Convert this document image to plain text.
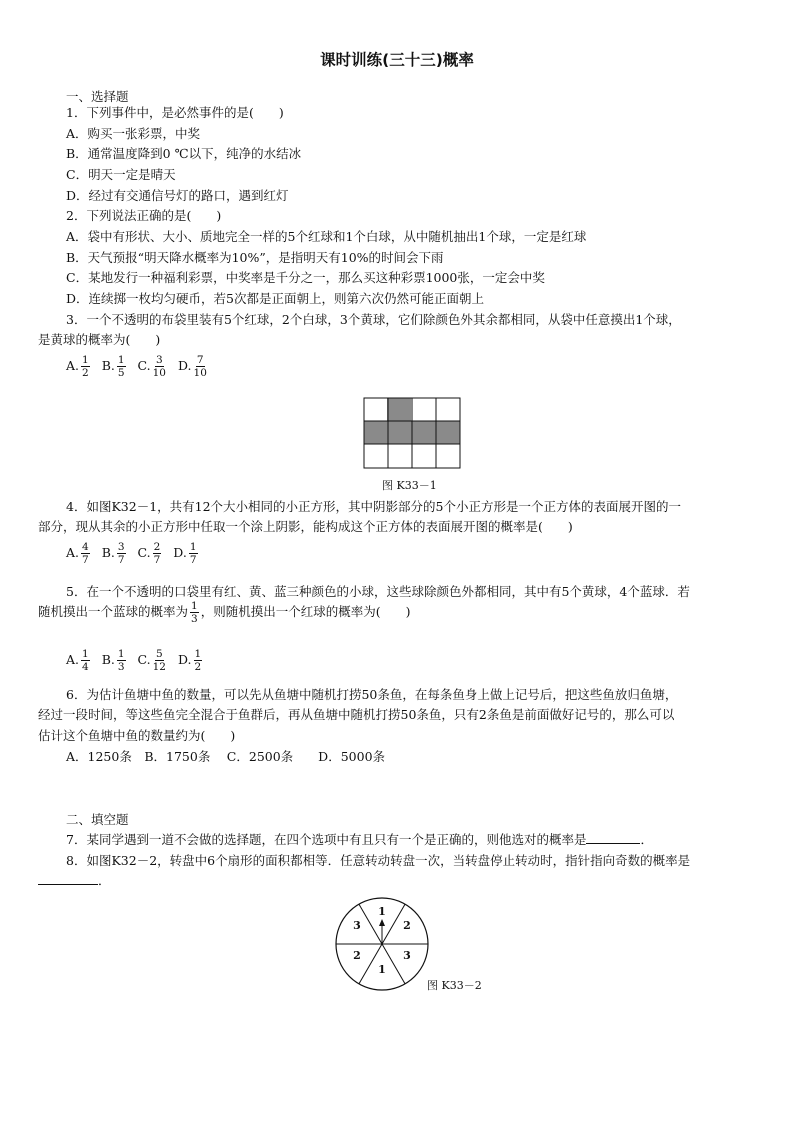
课时训练(三十三)概率
一、选择题
1．下列事件中，是必然事件的是(　　)
A．购买一张彩票，中奖
B．通常温度降到0 ℃以下，纯净的水结冰
C．明天一定是晴天
D．经过有交通信号灯的路口，遇到红灯
2．下列说法正确的是(　　)
A．袋中有形状、大小、质地完全一样的5个红球和1个白球，从中随机抽出1个球，一定是红球
B．天气预报“明天降水概率为10%”，是指明天有10%的时间会下雨
C．某地发行一种福利彩票，中奖率是千分之一，那么买这种彩票1000张，一定会中奖
D．连续掷一枚均匀硬币，若5次都是正面朝上，则第六次仍然可能正面朝上
3．一个不透明的布袋里装有5个红球，2个白球，3个黄球，它们除颜色外其余都相同，从袋中任意摸出1个球，
是黄球的概率为(　　)
A. $\frac{1}{2} B$. $\frac{1}{5} C$. $\frac{3}{10} D$. $\frac{7}{10}$
图 K33－1
4．如图K32－1，共有12个大小相同的小正方形，其中阴影部分的5个小正方形是一个正方体的表面展开图的一
部分，现从其余的小正方形中任取一个涂上阴影，能构成这个正方体的表面展开图的概率是(　　)
A. $\frac{4}{7} B$. $\frac{3}{7} C$. $\frac{2}{7} D$. $\frac{1}{7}$
5．在一个不透明的口袋里有红、黄、蓝三种颜色的小球，这些球除颜色外都相同，其中有5个黄球，4个蓝球．若
随机摸出一个蓝球的概率为 $\frac{1}{3}$ ，则随机摸出一个红球的概率为(　　)
A. $\frac{1}{4} B$. $\frac{1}{3} C$. $\frac{5}{12} D$. $\frac{1}{2}$
6．为估计鱼塘中鱼的数量，可以先从鱼塘中随机打捞50条鱼，在每条鱼身上做上记号后，把这些鱼放归鱼塘，
经过一段时间，等这些鱼完全混合于鱼群后，再从鱼塘中随机打捞50条鱼，只有2条鱼是前面做好记号的，那么可以
估计这个鱼塘中鱼的数量约为(　　)
A．1250条　B．1750条　 C．2500条　　D．5000条
二、填空题
7．某同学遇到一道不会做的选择题，在四个选项中有且只有一个是正确的，则他选对的概率是	．
8．如图K32－2，转盘中6个扇形的面积都相等．任意转动转盘一次，当转盘停止转动时，指针指向奇数的概率是
．
1
2
3
1
2
3
图 K33－2
